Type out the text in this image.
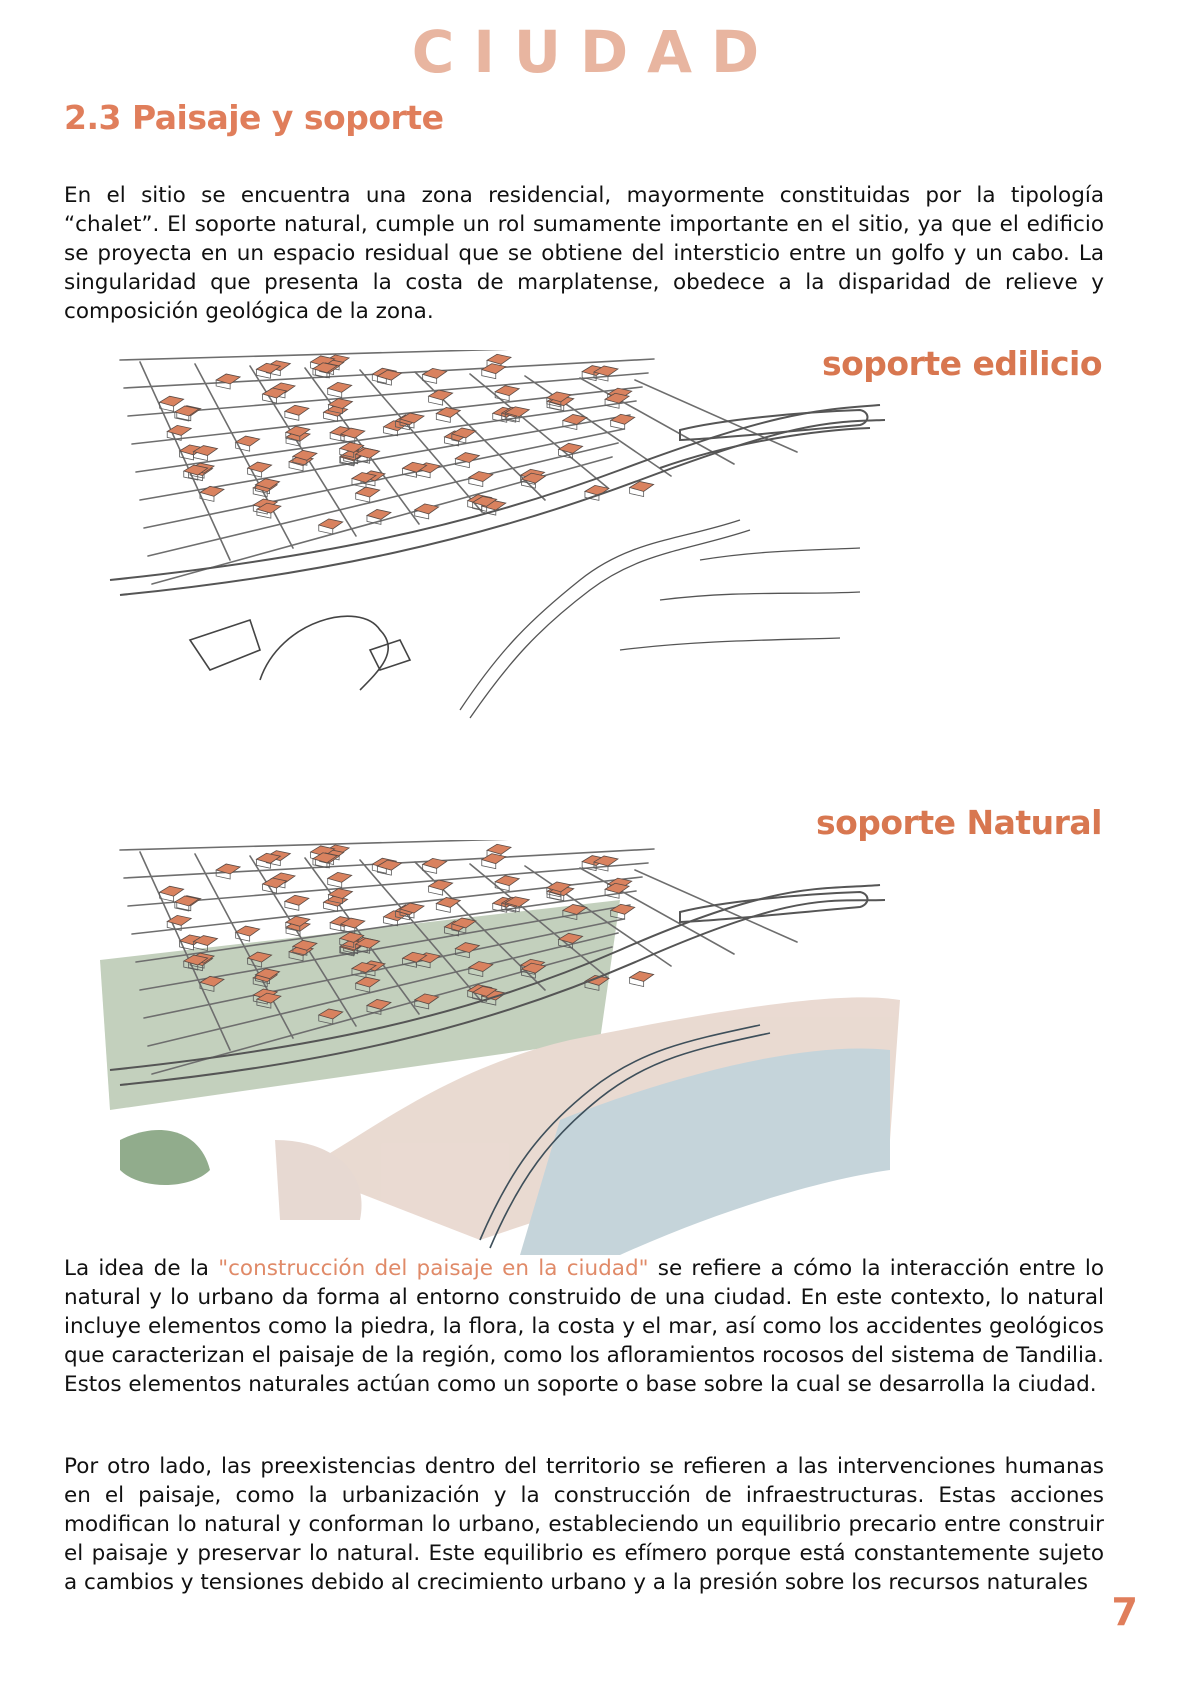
CIUDAD
2.3 Paisaje y soporte

En el sitio se encuentra una zona residencial, mayormente constituidas por la tipología “chalet”. El soporte natural, cumple un rol sumamente importante en el sitio, ya que el edificio se proyecta en un espacio residual que se obtiene del intersticio entre un golfo y un cabo. La singularidad que presenta la costa de marplatense, obedece a la disparidad de relieve y composición geológica de la zona.

soporte edilicio
soporte Natural

La idea de la "construcción del paisaje en la ciudad" se refiere a cómo la interacción entre lo natural y lo urbano da forma al entorno construido de una ciudad. En este contexto, lo natural incluye elementos como la piedra, la flora, la costa y el mar, así como los accidentes geológicos que caracterizan el paisaje de la región, como los afloramientos rocosos del sistema de Tandilia. Estos elementos naturales actúan como un soporte o base sobre la cual se desarrolla la ciudad.

Por otro lado, las preexistencias dentro del territorio se refieren a las intervenciones humanas en el paisaje, como la urbanización y la construcción de infraestructuras. Estas acciones modifican lo natural y conforman lo urbano, estableciendo un equilibrio precario entre construir el paisaje y preservar lo natural. Este equilibrio es efímero porque está constantemente sujeto a cambios y tensiones debido al crecimiento urbano y a la presión sobre los recursos naturales

7
